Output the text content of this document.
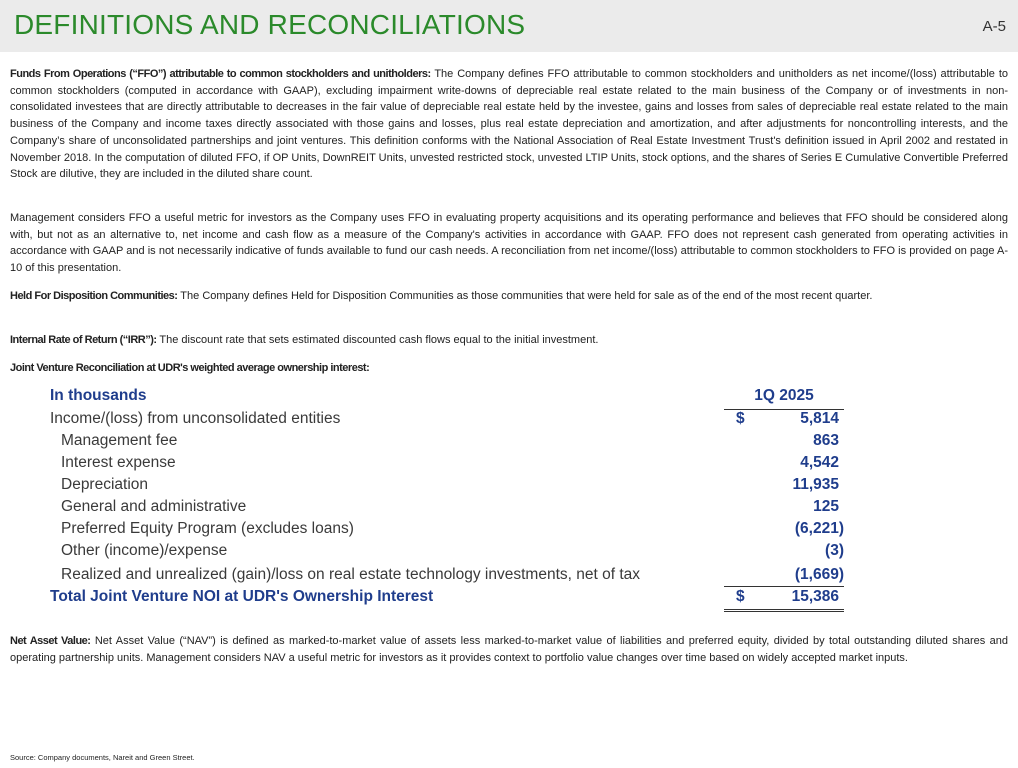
DEFINITIONS AND RECONCILIATIONS	A-5

Funds From Operations (“FFO”) attributable to common stockholders and unitholders: The Company defines FFO attributable to common stockholders and unitholders as net income/(loss) attributable to common stockholders (computed in accordance with GAAP), excluding impairment write-downs of depreciable real estate related to the main business of the Company or of investments in non-consolidated investees that are directly attributable to decreases in the fair value of depreciable real estate held by the investee, gains and losses from sales of depreciable real estate related to the main business of the Company and income taxes directly associated with those gains and losses, plus real estate depreciation and amortization, and after adjustments for noncontrolling interests, and the Company’s share of unconsolidated partnerships and joint ventures. This definition conforms with the National Association of Real Estate Investment Trust's definition issued in April 2002 and restated in November 2018. In the computation of diluted FFO, if OP Units, DownREIT Units, unvested restricted stock, unvested LTIP Units, stock options, and the shares of Series E Cumulative Convertible Preferred Stock are dilutive, they are included in the diluted share count.

Management considers FFO a useful metric for investors as the Company uses FFO in evaluating property acquisitions and its operating performance and believes that FFO should be considered along with, but not as an alternative to, net income and cash flow as a measure of the Company's activities in accordance with GAAP. FFO does not represent cash generated from operating activities in accordance with GAAP and is not necessarily indicative of funds available to fund our cash needs. A reconciliation from net income/(loss) attributable to common stockholders to FFO is provided on page A-10 of this presentation.

Held For Disposition Communities: The Company defines Held for Disposition Communities as those communities that were held for sale as of the end of the most recent quarter.

Internal Rate of Return (“IRR”): The discount rate that sets estimated discounted cash flows equal to the initial investment.

Joint Venture Reconciliation at UDR's weighted average ownership interest:

In thousands	1Q 2025
Income/(loss) from unconsolidated entities	$	5,814
Management fee	863
Interest expense	4,542
Depreciation	11,935
General and administrative	125
Preferred Equity Program (excludes loans)	(6,221)
Other (income)/expense	(3)
Realized and unrealized (gain)/loss on real estate technology investments, net of tax	(1,669)
Total Joint Venture NOI at UDR's Ownership Interest	$	15,386

Net Asset Value: Net Asset Value (“NAV”) is defined as marked-to-market value of assets less marked-to-market value of liabilities and preferred equity, divided by total outstanding diluted shares and operating partnership units. Management considers NAV a useful metric for investors as it provides context to portfolio value changes over time based on widely accepted market inputs.

Source: Company documents, Nareit and Green Street.
